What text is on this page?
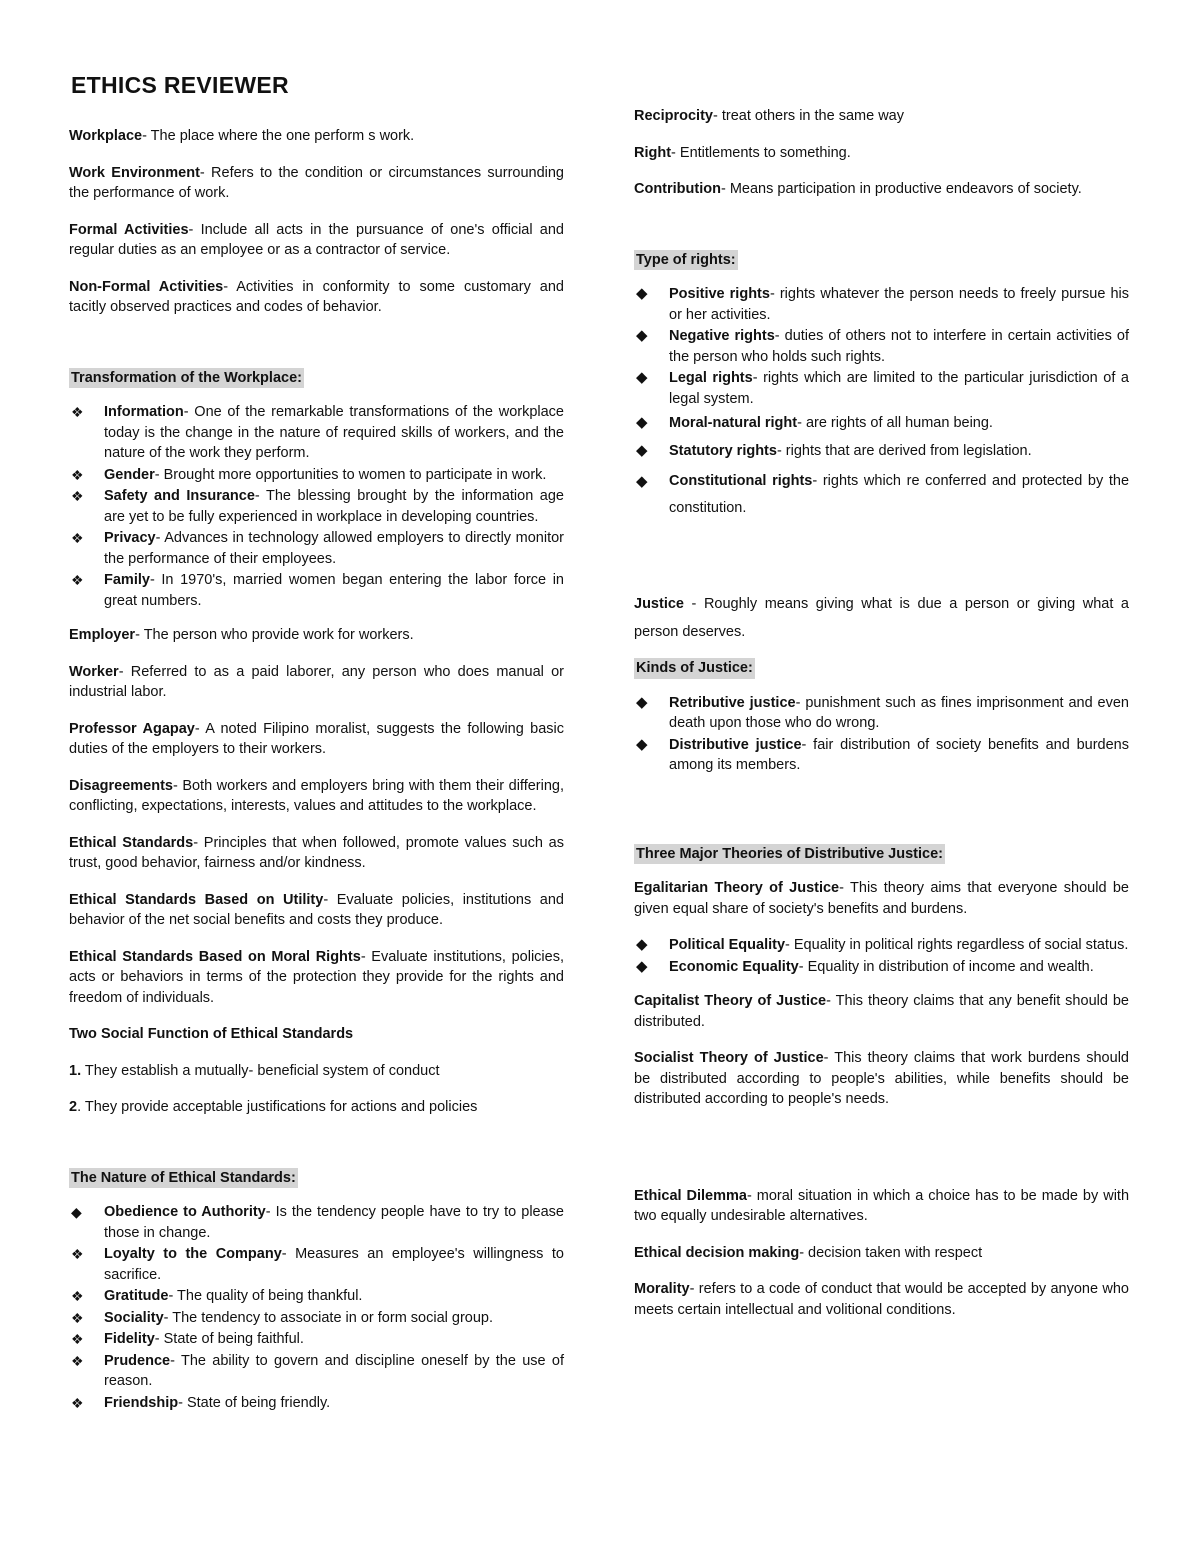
ETHICS REVIEWER

Workplace- The place where the one perform s work.

Work Environment- Refers to the condition or circumstances surrounding the performance of work.

Formal Activities- Include all acts in the pursuance of one's official and regular duties as an employee or as a contractor of service.

Non-Formal Activities- Activities in conformity to some customary and tacitly observed practices and codes of behavior.

Transformation of the Workplace:
❖	Information- One of the remarkable transformations of the workplace today is the change in the nature of required skills of workers, and the nature of the work they perform.
❖	Gender- Brought more opportunities to women to participate in work.
❖	Safety and Insurance- The blessing brought by the information age are yet to be fully experienced in workplace in developing countries.
❖	Privacy- Advances in technology allowed employers to directly monitor the performance of their employees.
❖	Family- In 1970's, married women began entering the labor force in great numbers.

Employer- The person who provide work for workers.

Worker- Referred to as a paid laborer, any person who does manual or industrial labor.

Professor Agapay- A noted Filipino moralist, suggests the following basic duties of the employers to their workers.

Disagreements- Both workers and employers bring with them their differing, conflicting, expectations, interests, values and attitudes to the workplace.

Ethical Standards- Principles that when followed, promote values such as trust, good behavior, fairness and/or kindness.

Ethical Standards Based on Utility- Evaluate policies, institutions and behavior of the net social benefits and costs they produce.

Ethical Standards Based on Moral Rights- Evaluate institutions, policies, acts or behaviors in terms of the protection they provide for the rights and freedom of individuals.

Two Social Function of Ethical Standards

1. They establish a mutually- beneficial system of conduct

2. They provide acceptable justifications for actions and policies

The Nature of Ethical Standards:
◆	Obedience to Authority- Is the tendency people have to try to please those in change.
❖	Loyalty to the Company- Measures an employee's willingness to sacrifice.
❖	Gratitude- The quality of being thankful.
❖	Sociality- The tendency to associate in or form social group.
❖	Fidelity- State of being faithful.
❖	Prudence- The ability to govern and discipline oneself by the use of reason.
❖	Friendship- State of being friendly.

Reciprocity- treat others in the same way

Right- Entitlements to something.

Contribution- Means participation in productive endeavors of society.

Type of rights:
◆	Positive rights- rights whatever the person needs to freely pursue his or her activities.
◆	Negative rights- duties of others not to interfere in certain activities of the person who holds such rights.
◆	Legal rights- rights which are limited to the particular jurisdiction of a legal system.
◆	Moral-natural right- are rights of all human being.
◆	Statutory rights- rights that are derived from legislation.
◆	Constitutional rights- rights which re conferred and protected by the constitution.

Justice - Roughly means giving what is due a person or giving what a person deserves.

Kinds of Justice:
◆	Retributive justice- punishment such as fines imprisonment and even death upon those who do wrong.
◆	Distributive justice- fair distribution of society benefits and burdens among its members.
Three Major Theories of Distributive Justice:

Egalitarian Theory of Justice- This theory aims that everyone should be given equal share of society's benefits and burdens.

◆	Political Equality- Equality in political rights regardless of social status.
◆	Economic Equality- Equality in distribution of income and wealth.

Capitalist Theory of Justice- This theory claims that any benefit should be distributed.

Socialist Theory of Justice- This theory claims that work burdens should be distributed according to people's abilities, while benefits should be distributed according to people's needs.

Ethical Dilemma- moral situation in which a choice has to be made by with two equally undesirable alternatives.

Ethical decision making- decision taken with respect

Morality- refers to a code of conduct that would be accepted by anyone who meets certain intellectual and volitional conditions.
